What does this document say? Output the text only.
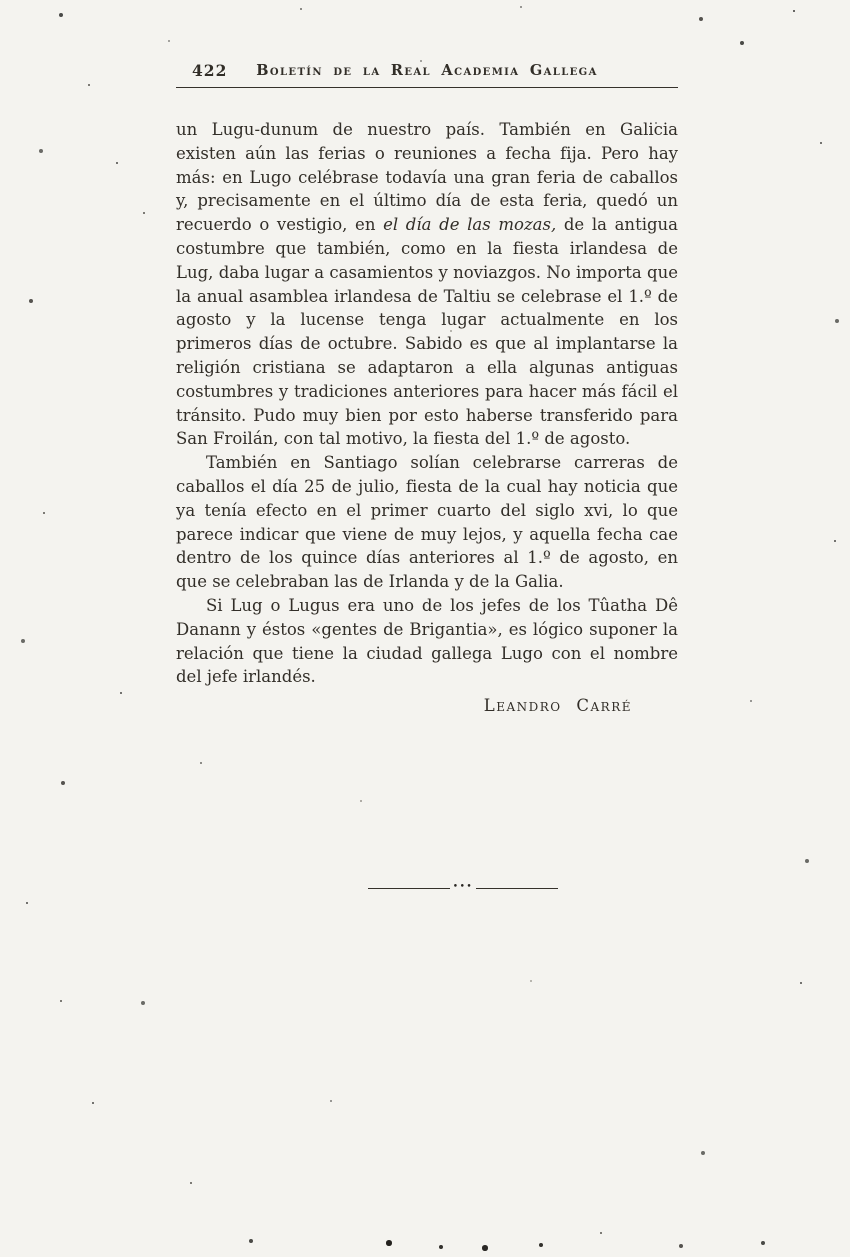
422 Boletín de la Real Academia Gallega

un Lugu-dunum de nuestro país. También en Galicia existen aún las ferias o reuniones a fecha fija. Pero hay más: en Lugo celébrase todavía una gran feria de caballos y, precisamente en el último día de esta feria, quedó un recuerdo o vestigio, en el día de las mozas, de la antigua costumbre que también, como en la fiesta irlandesa de Lug, daba lugar a casamientos y noviazgos. No importa que la anual asamblea irlandesa de Taltiu se celebrase el 1.º de agosto y la lucense tenga lugar actualmente en los primeros días de octubre. Sabido es que al implantarse la religión cristiana se adaptaron a ella algunas antiguas costumbres y tradiciones anteriores para hacer más fácil el tránsito. Pudo muy bien por esto haberse transferido para San Froilán, con tal motivo, la fiesta del 1.º de agosto.

También en Santiago solían celebrarse carreras de caballos el día 25 de julio, fiesta de la cual hay noticia que ya tenía efecto en el primer cuarto del siglo xvi, lo que parece indicar que viene de muy lejos, y aquella fecha cae dentro de los quince días anteriores al 1.º de agosto, en que se celebraban las de Irlanda y de la Galia.

Si Lug o Lugus era uno de los jefes de los Tûatha Dê Danann y éstos «gentes de Brigantia», es lógico suponer la relación que tiene la ciudad gallega Lugo con el nombre del jefe irlandés.

Leandro Carré
•••
